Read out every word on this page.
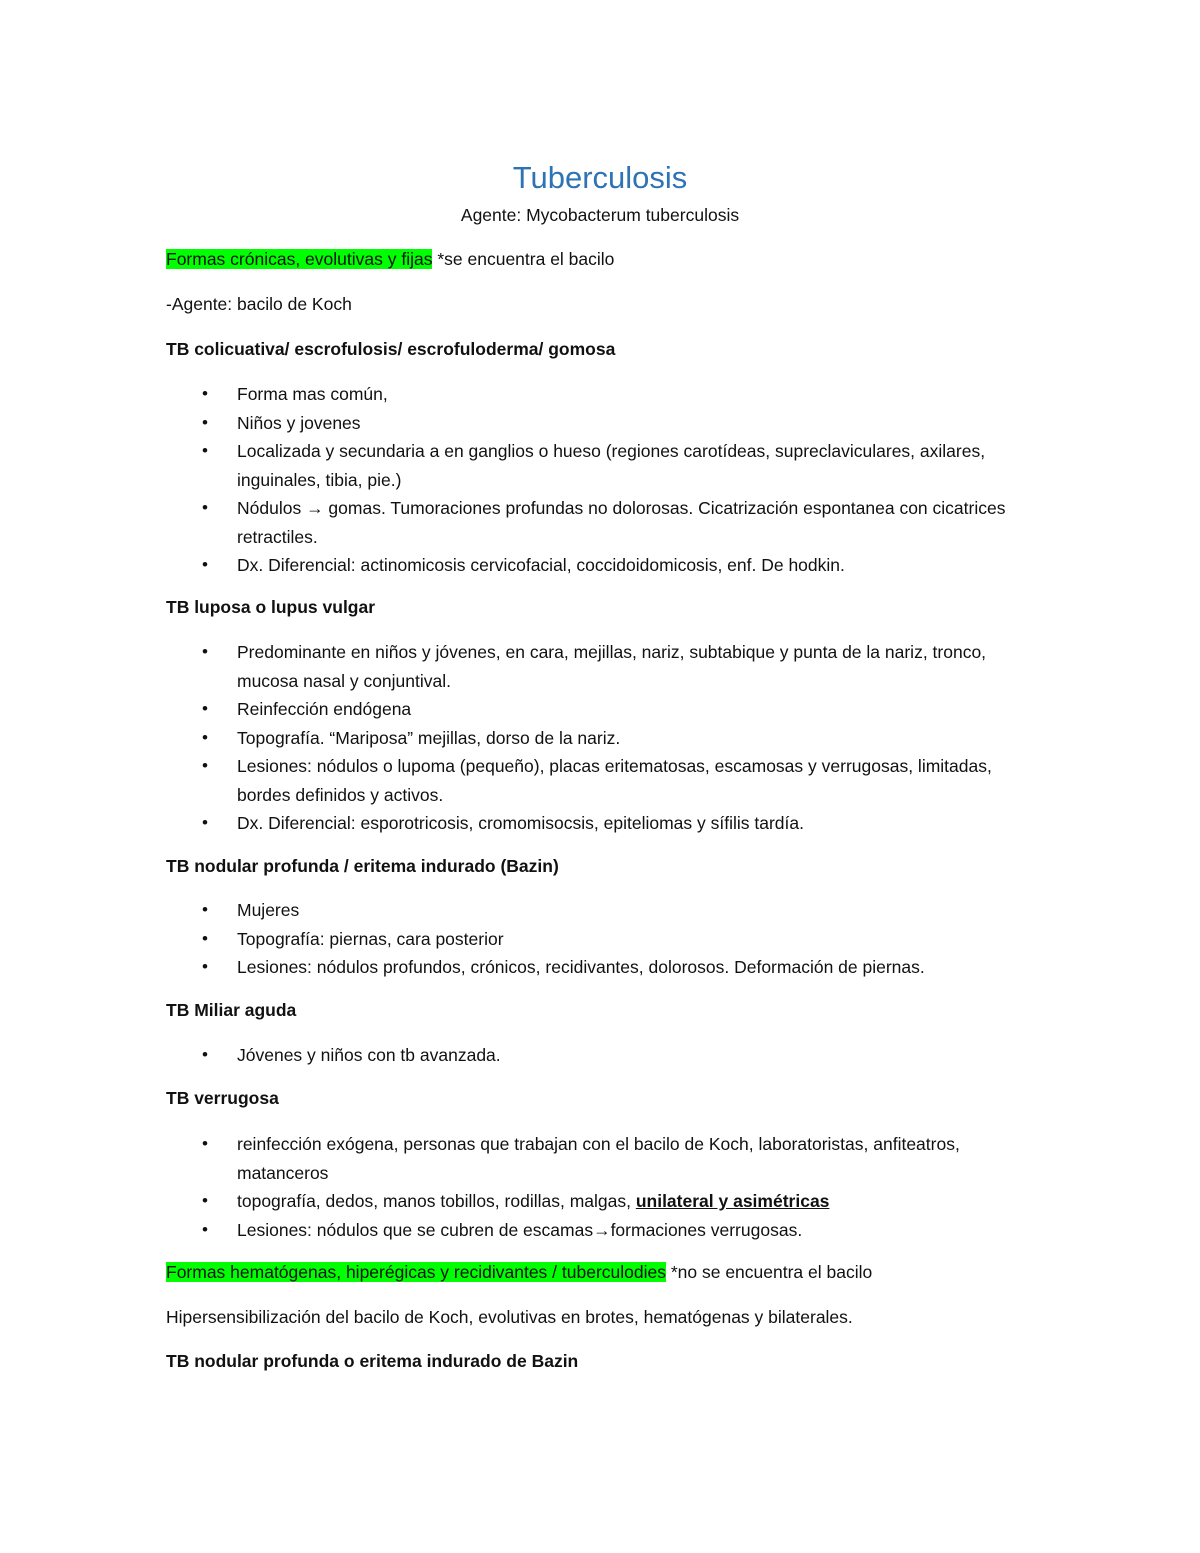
Tuberculosis
Agente: Mycobacterum tuberculosis
Formas crónicas, evolutivas y fijas *se encuentra el bacilo
-Agente: bacilo de Koch
TB colicuativa/ escrofulosis/ escrofuloderma/ gomosa
• Forma mas común,
• Niños y jovenes
• Localizada y secundaria a en ganglios o hueso (regiones carotídeas, supreclaviculares, axilares, inguinales, tibia, pie.)
• Nódulos → gomas. Tumoraciones profundas no dolorosas. Cicatrización espontanea con cicatrices retractiles.
• Dx. Diferencial: actinomicosis cervicofacial, coccidoidomicosis, enf. De hodkin.
TB luposa o lupus vulgar
• Predominante en niños y jóvenes, en cara, mejillas, nariz, subtabique y punta de la nariz, tronco, mucosa nasal y conjuntival.
• Reinfección endógena
• Topografía. “Mariposa” mejillas, dorso de la nariz.
• Lesiones: nódulos o lupoma (pequeño), placas eritematosas, escamosas y verrugosas, limitadas, bordes definidos y activos.
• Dx. Diferencial: esporotricosis, cromomisocsis, epiteliomas y sífilis tardía.
TB nodular profunda / eritema indurado (Bazin)
• Mujeres
• Topografía: piernas, cara posterior
• Lesiones: nódulos profundos, crónicos, recidivantes, dolorosos. Deformación de piernas.
TB Miliar aguda
• Jóvenes y niños con tb avanzada.
TB verrugosa
• reinfección exógena, personas que trabajan con el bacilo de Koch, laboratoristas, anfiteatros, matanceros
• topografía, dedos, manos tobillos, rodillas, malgas, unilateral y asimétricas
• Lesiones: nódulos que se cubren de escamas→formaciones verrugosas.
Formas hematógenas, hiperégicas y recidivantes / tuberculodies *no se encuentra el bacilo
Hipersensibilización del bacilo de Koch, evolutivas en brotes, hematógenas y bilaterales.
TB nodular profunda o eritema indurado de Bazin
